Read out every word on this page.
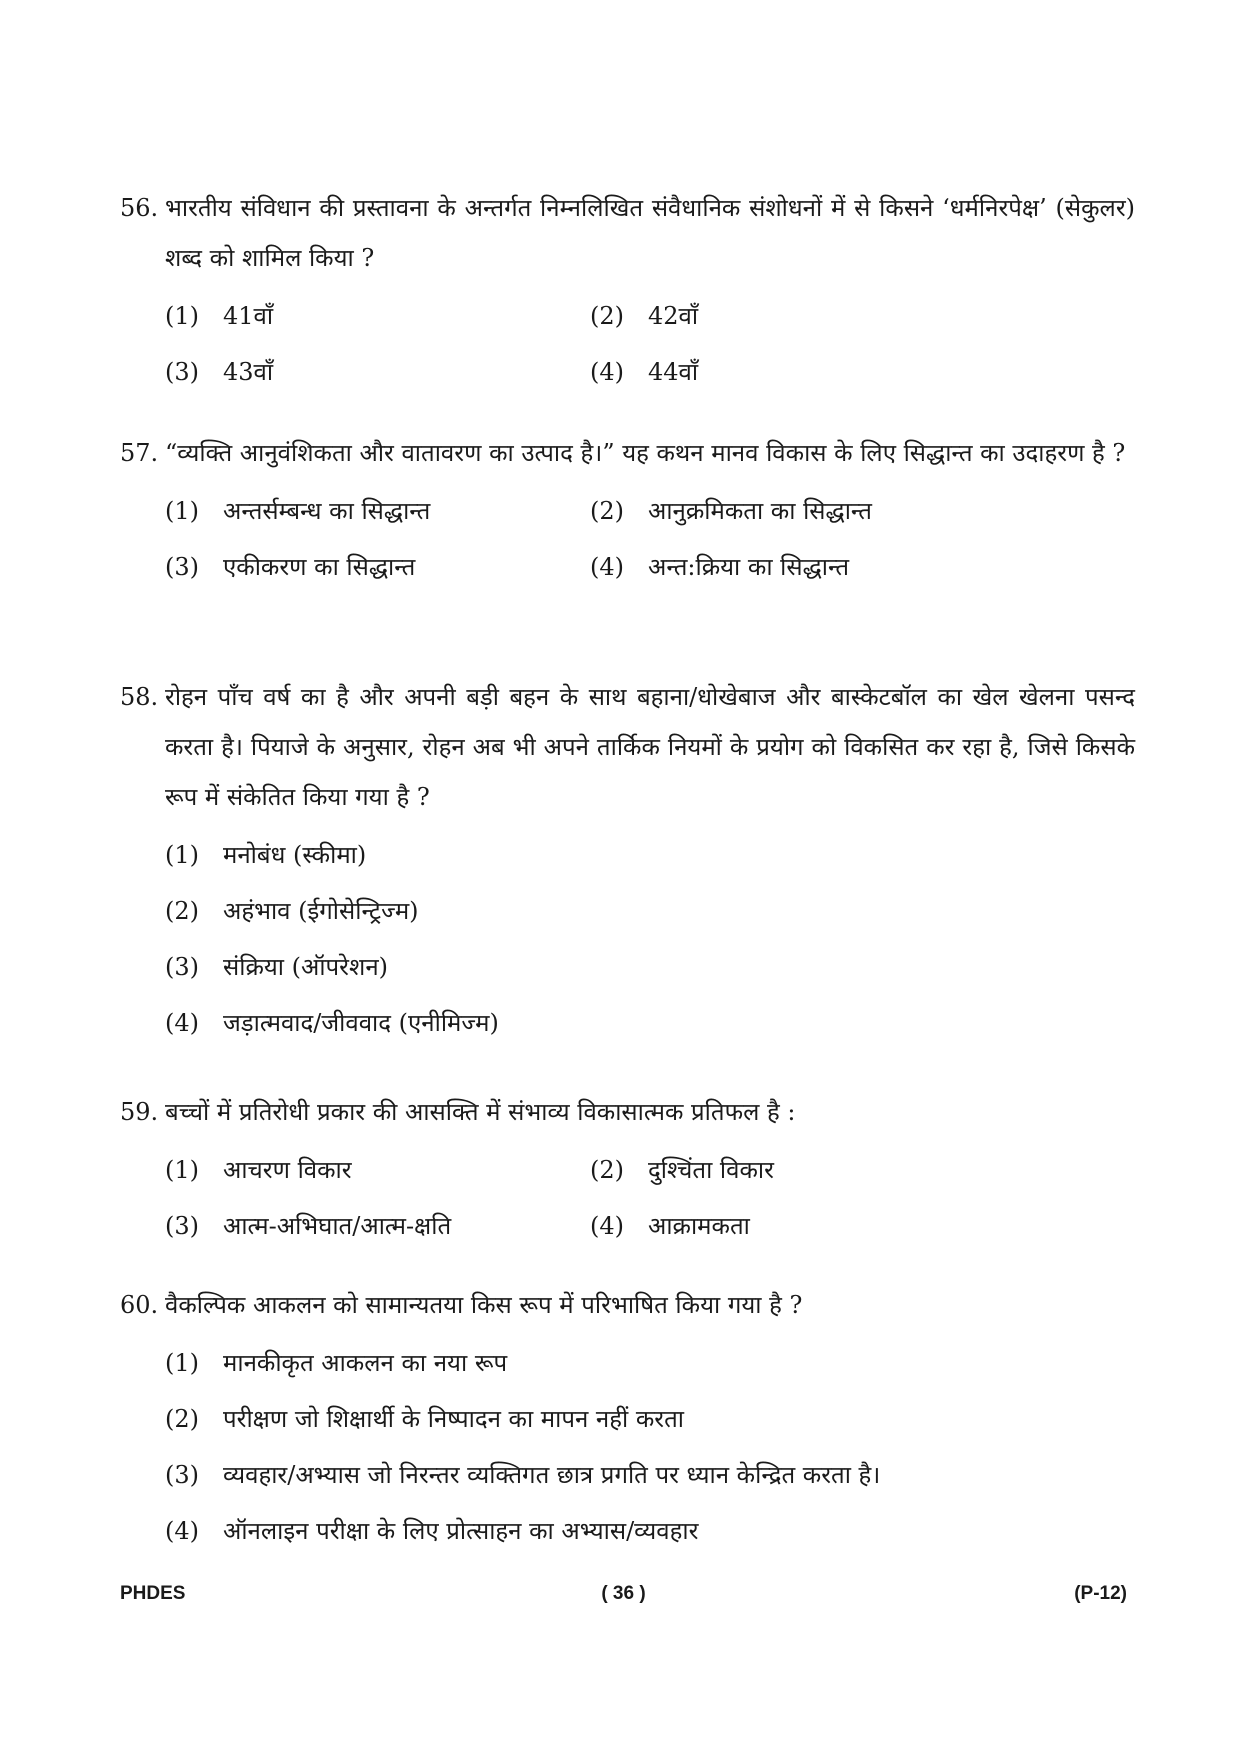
56. भारतीय संविधान की प्रस्तावना के अन्तर्गत निम्नलिखित संवैधानिक संशोधनों में से किसने ‘धर्मनिरपेक्ष’ (सेकुलर) शब्द को शामिल किया ?
(1) 41वाँ	(2) 42वाँ
(3) 43वाँ	(4) 44वाँ
57. “व्यक्ति आनुवंशिकता और वातावरण का उत्पाद है।” यह कथन मानव विकास के लिए सिद्धान्त का उदाहरण है ?
(1) अन्तर्सम्बन्ध का सिद्धान्त	(2) आनुक्रमिकता का सिद्धान्त
(3) एकीकरण का सिद्धान्त	(4) अन्त:क्रिया का सिद्धान्त
58. रोहन पाँच वर्ष का है और अपनी बड़ी बहन के साथ बहाना/धोखेबाज और बास्केटबॉल का खेल खेलना पसन्द करता है। पियाजे के अनुसार, रोहन अब भी अपने तार्किक नियमों के प्रयोग को विकसित कर रहा है, जिसे किसके रूप में संकेतित किया गया है ?
(1) मनोबंध (स्कीमा)
(2) अहंभाव (ईगोसेन्ट्रिज्म)
(3) संक्रिया (ऑपरेशन)
(4) जड़ात्मवाद/जीववाद (एनीमिज्म)
59. बच्चों में प्रतिरोधी प्रकार की आसक्ति में संभाव्य विकासात्मक प्रतिफल है :
(1) आचरण विकार	(2) दुश्चिंता विकार
(3) आत्म-अभिघात/आत्म-क्षति	(4) आक्रामकता
60. वैकल्पिक आकलन को सामान्यतया किस रूप में परिभाषित किया गया है ?
(1) मानकीकृत आकलन का नया रूप
(2) परीक्षण जो शिक्षार्थी के निष्पादन का मापन नहीं करता
(3) व्यवहार/अभ्यास जो निरन्तर व्यक्तिगत छात्र प्रगति पर ध्यान केन्द्रित करता है।
(4) ऑनलाइन परीक्षा के लिए प्रोत्साहन का अभ्यास/व्यवहार
PHDES	( 36 )	(P-12)
